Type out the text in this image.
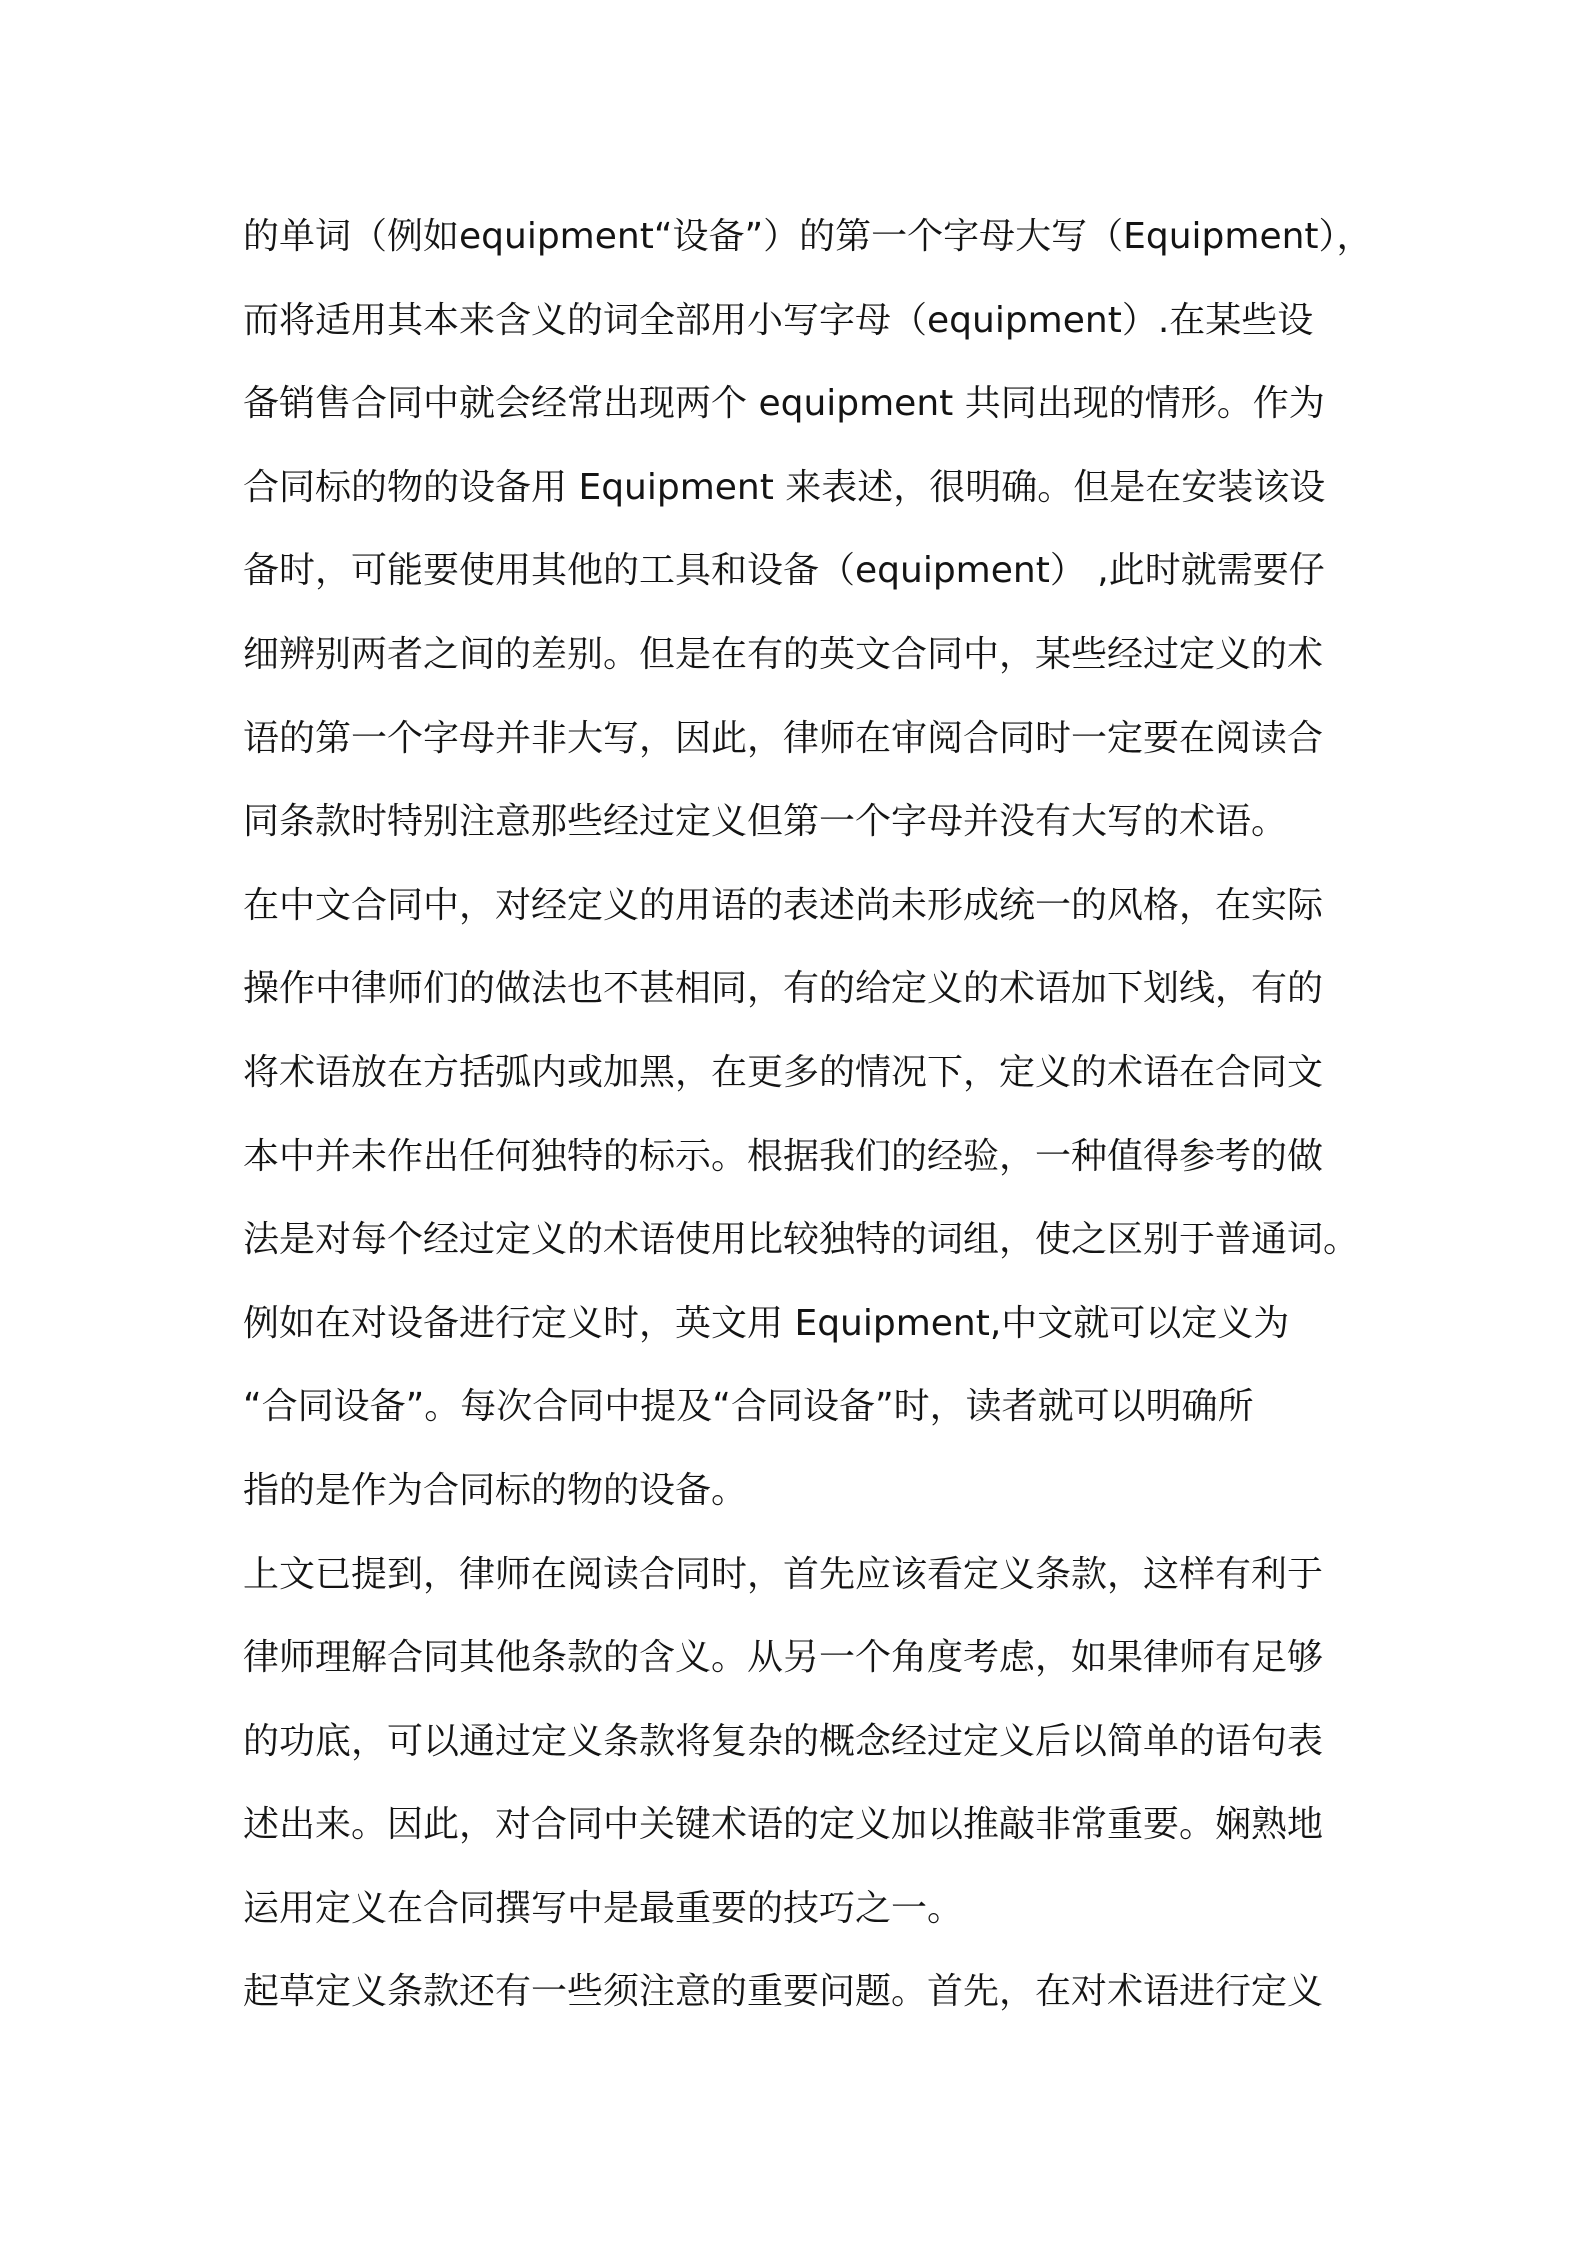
的单词（例如equipment“设备”）的第一个字母大写（Equipment），
而将适用其本来含义的词全部用小写字母（equipment）.在某些设
备销售合同中就会经常出现两个 equipment 共同出现的情形。作为
合同标的物的设备用 Equipment 来表述，很明确。但是在安装该设
备时，可能要使用其他的工具和设备（equipment） ,此时就需要仔
细辨别两者之间的差别。但是在有的英文合同中，某些经过定义的术
语的第一个字母并非大写，因此，律师在审阅合同时一定要在阅读合
同条款时特别注意那些经过定义但第一个字母并没有大写的术语。
在中文合同中，对经定义的用语的表述尚未形成统一的风格，在实际
操作中律师们的做法也不甚相同，有的给定义的术语加下划线，有的
将术语放在方括弧内或加黑，在更多的情况下，定义的术语在合同文
本中并未作出任何独特的标示。根据我们的经验，一种值得参考的做
法是对每个经过定义的术语使用比较独特的词组，使之区别于普通词。
例如在对设备进行定义时，英文用 Equipment,中文就可以定义为
“合同设备”。每次合同中提及“合同设备”时，读者就可以明确所
指的是作为合同标的物的设备。
上文已提到，律师在阅读合同时，首先应该看定义条款，这样有利于
律师理解合同其他条款的含义。从另一个角度考虑，如果律师有足够
的功底，可以通过定义条款将复杂的概念经过定义后以简单的语句表
述出来。因此，对合同中关键术语的定义加以推敲非常重要。娴熟地
运用定义在合同撰写中是最重要的技巧之一。
起草定义条款还有一些须注意的重要问题。首先，在对术语进行定义
